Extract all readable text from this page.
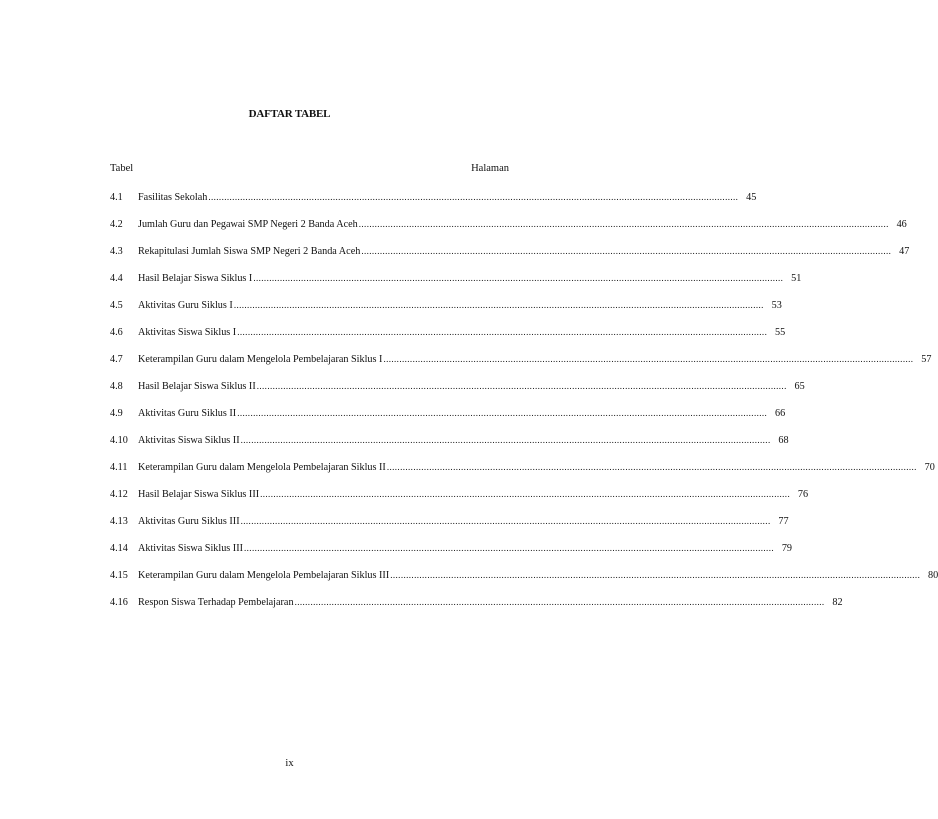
DAFTAR TABEL
Tabel	Halaman
4.1	Fasilitas Sekolah ........................................................................................................................................................................................................ 45
4.2	Jumlah Guru dan Pegawai SMP Negeri 2 Banda Aceh ........................................................................................................................................................................................................ 46
4.3	Rekapitulasi Jumlah Siswa SMP Negeri 2 Banda Aceh ........................................................................................................................................................................................................ 47
4.4	Hasil Belajar Siswa Siklus I ........................................................................................................................................................................................................ 51
4.5	Aktivitas Guru Siklus I ........................................................................................................................................................................................................ 53
4.6	Aktivitas Siswa Siklus I ........................................................................................................................................................................................................ 55
4.7	Keterampilan Guru dalam Mengelola Pembelajaran Siklus I ........................................................................................................................................................................................................ 57
4.8	Hasil Belajar Siswa Siklus II ........................................................................................................................................................................................................ 65
4.9	Aktivitas Guru Siklus II ........................................................................................................................................................................................................ 66
4.10 Aktivitas Siswa Siklus II ........................................................................................................................................................................................................ 68
4.11	Keterampilan Guru dalam Mengelola Pembelajaran Siklus II ........................................................................................................................................................................................................ 70
4.12 Hasil Belajar Siswa Siklus III ........................................................................................................................................................................................................ 76
4.13 Aktivitas Guru Siklus III ........................................................................................................................................................................................................ 77
4.14 Aktivitas Siswa Siklus III ........................................................................................................................................................................................................ 79
4.15 Keterampilan Guru dalam Mengelola Pembelajaran Siklus III ........................................................................................................................................................................................................ 80
4.16 Respon Siswa Terhadap Pembelajaran ........................................................................................................................................................................................................ 82
ix
